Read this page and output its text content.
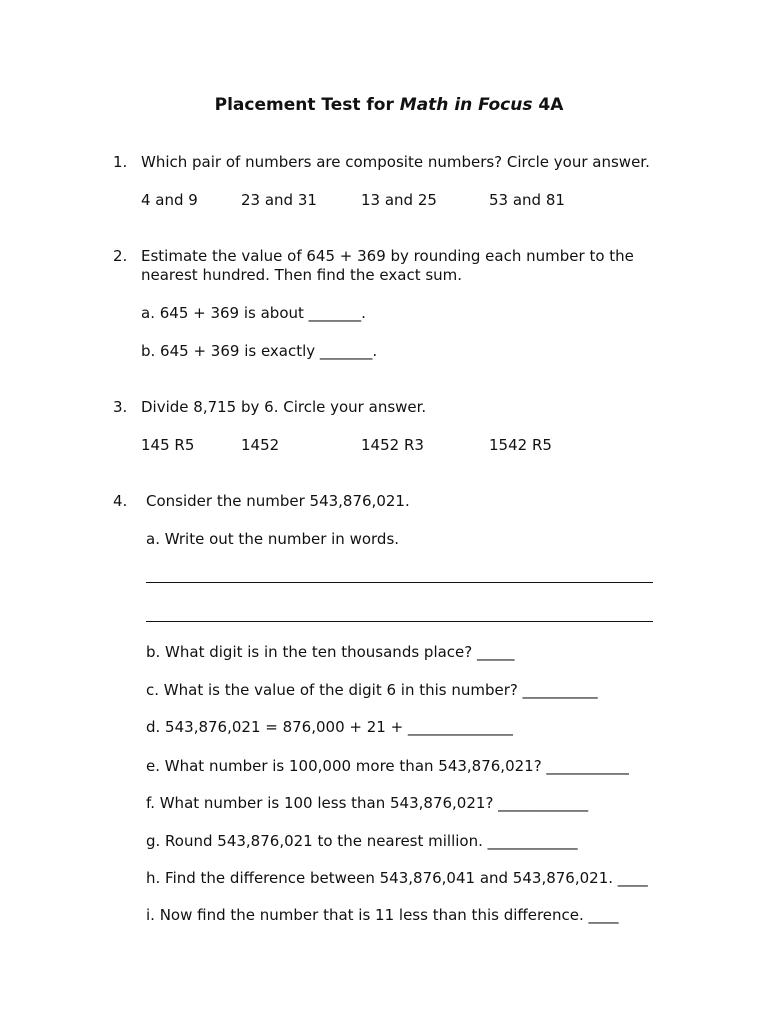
Placement Test for Math in Focus 4A

1. Which pair of numbers are composite numbers? Circle your answer.

4 and 9	23 and 31	13 and 25	53 and 81

2. Estimate the value of 645 + 369 by rounding each number to the

nearest hundred. Then find the exact sum.

a. 645 + 369 is about _______.

b. 645 + 369 is exactly _______.

3. Divide 8,715 by 6. Circle your answer.

145 R5	1452	1452 R3	1542 R5

4. Consider the number 543,876,021.

a. Write out the number in words.

b. What digit is in the ten thousands place? _____

c. What is the value of the digit 6 in this number? __________

d. 543,876,021 = 876,000 + 21 + ______________

e. What number is 100,000 more than 543,876,021? ___________

f. What number is 100 less than 543,876,021? ____________

g. Round 543,876,021 to the nearest million. ____________

h. Find the difference between 543,876,041 and 543,876,021. ____

i. Now find the number that is 11 less than this difference. ____
